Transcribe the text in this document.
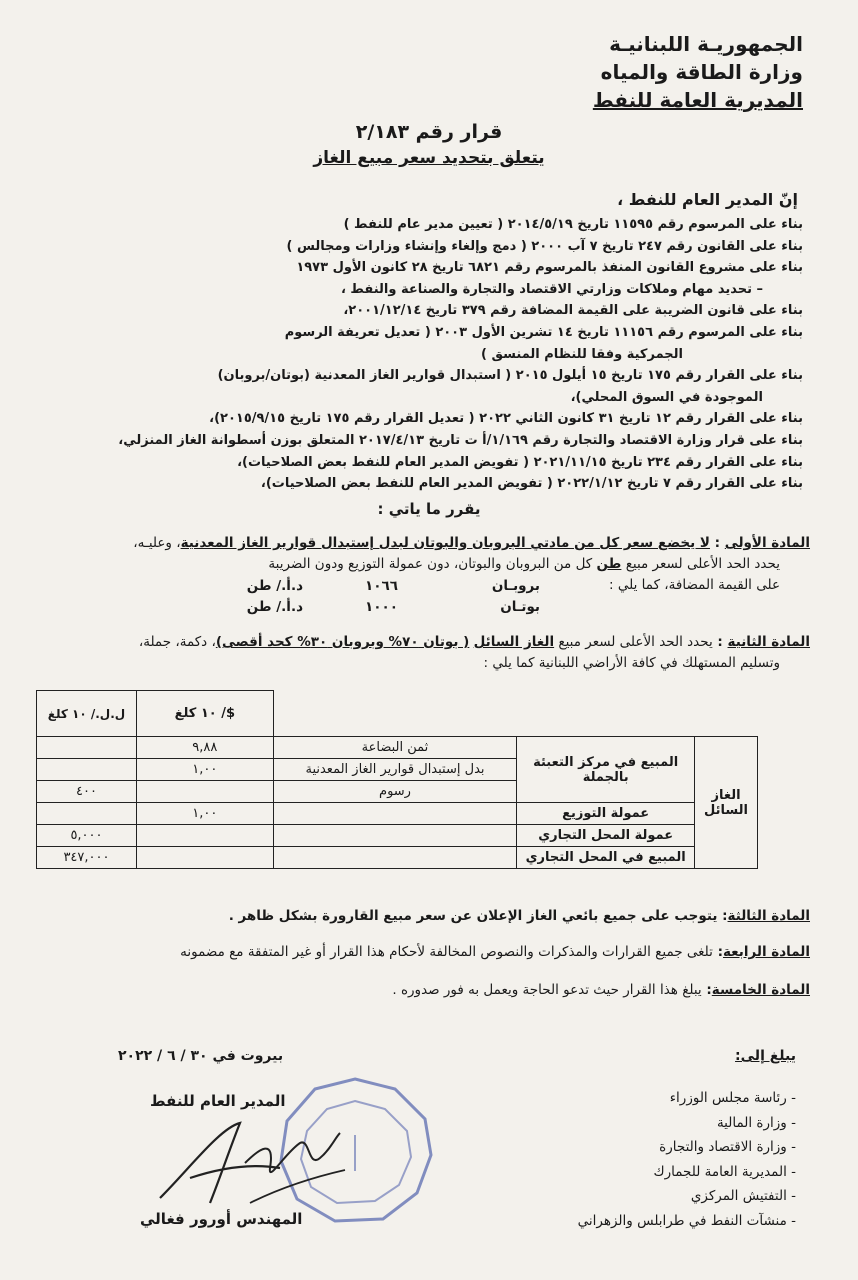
الجمهوريـة اللبنانيـة
وزارة الطاقة والمياه
المديرية العامة للنفط
قرار رقم ٢/١٨٣
يتعلق بتحديد سعر مبيع الغاز
إنّ المدير العام للنفط ،
بناء على المرسوم رقم ١١٥٩٥ تاريخ ٢٠١٤/٥/١٩ ( تعيين مدير عام للنفط )
بناء على القانون رقم ٢٤٧ تاريخ ٧ آب ٢٠٠٠ ( دمج وإلغاء وإنشاء وزارات ومجالس )
بناء على مشروع القانون المنفذ بالمرسوم رقم ٦٨٢١ تاريخ ٢٨ كانون الأول ١٩٧٣
– تحديد مهام وملاكات وزارتي الاقتصاد والتجارة والصناعة والنفط ،
بناء على قانون الضريبة على القيمة المضافة رقم ٣٧٩ تاريخ ٢٠٠١/١٢/١٤،
بناء على المرسوم رقم ١١١٥٦ تاريخ ١٤ تشرين الأول ٢٠٠٣ ( تعديل تعريفة الرسوم
الجمركية وفقا للنظام المنسق )
بناء على القرار رقم ١٧٥ تاريخ ١٥ أيلول ٢٠١٥ ( استبدال قوارير الغاز المعدنية (بوتان/بروبان)
الموجودة في السوق المحلي)،
بناء على القرار رقم ١٢ تاريخ ٣١ كانون الثاني ٢٠٢٢ ( تعديل القرار رقم ١٧٥ تاريخ ٢٠١٥/٩/١٥)،
بناء على قرار وزارة الاقتصاد والتجارة رقم ١/١٦٩/أ ت تاريخ ٢٠١٧/٤/١٣ المتعلق بوزن أسطوانة الغاز المنزلي،
بناء على القرار رقم ٢٣٤ تاريخ ٢٠٢١/١١/١٥ ( تفويض المدير العام للنفط بعض الصلاحيات)،
بناء على القرار رقم ٧ تاريخ ٢٠٢٢/١/١٢ ( تفويض المدير العام للنفط بعض الصلاحيات)،
يقرر ما ياتي :
المادة الأولى : لا يخضع سعر كل من مادتي البروبان والبوتان لبدل إستبدال قوارير الغاز المعدنية، وعليـه،
يحدد الحد الأعلى لسعر مبيع طن كل من البروبان والبوتان، دون عمولة التوزيع ودون الضريبة
على القيمة المضافة، كما يلي :
بروبـان
١٠٦٦
د.أ./ طن
بوتـان
١٠٠٠
د.أ./ طن
المادة الثانية : يحدد الحد الأعلى لسعر مبيع الغاز السائل ( بوتان ٧٠% وبروبان ٣٠% كحد أقصى)، دكمة، جملة،
وتسليم المستهلك في كافة الأراضي اللبنانية كما يلي :
			$/ ١٠ كلغ	ل.ل./ ١٠ كلغ
الغاز السائل	المبيع في مركز التعبئة بالجملة	ثمن البضاعة	٩,٨٨	
		بدل إستبدال قوارير الغاز المعدنية	١,٠٠	
		رسوم		٤٠٠
	عمولة التوزيع		١,٠٠	
	عمولة المحل التجاري			٥,٠٠٠
	المبيع في المحل التجاري			٣٤٧,٠٠٠
المادة الثالثة: يتوجب على جميع بائعي الغاز الإعلان عن سعر مبيع القارورة بشكل ظاهر .
المادة الرابعة: تلغى جميع القرارات والمذكرات والنصوص المخالفة لأحكام هذا القرار أو غير المتفقة مع مضمونه
المادة الخامسة: يبلغ هذا القرار حيث تدعو الحاجة ويعمل به فور صدوره .
بيروت في ٣٠ / ٦ / ٢٠٢٢	يبلغ إلى:
- رئاسة مجلس الوزراء
- وزارة المالية
- وزارة الاقتصاد والتجارة
- المديرية العامة للجمارك
- التفتيش المركزي
- منشآت النفط في طرابلس والزهراني
المدير العام للنفط
المهندس أورور فغالي
